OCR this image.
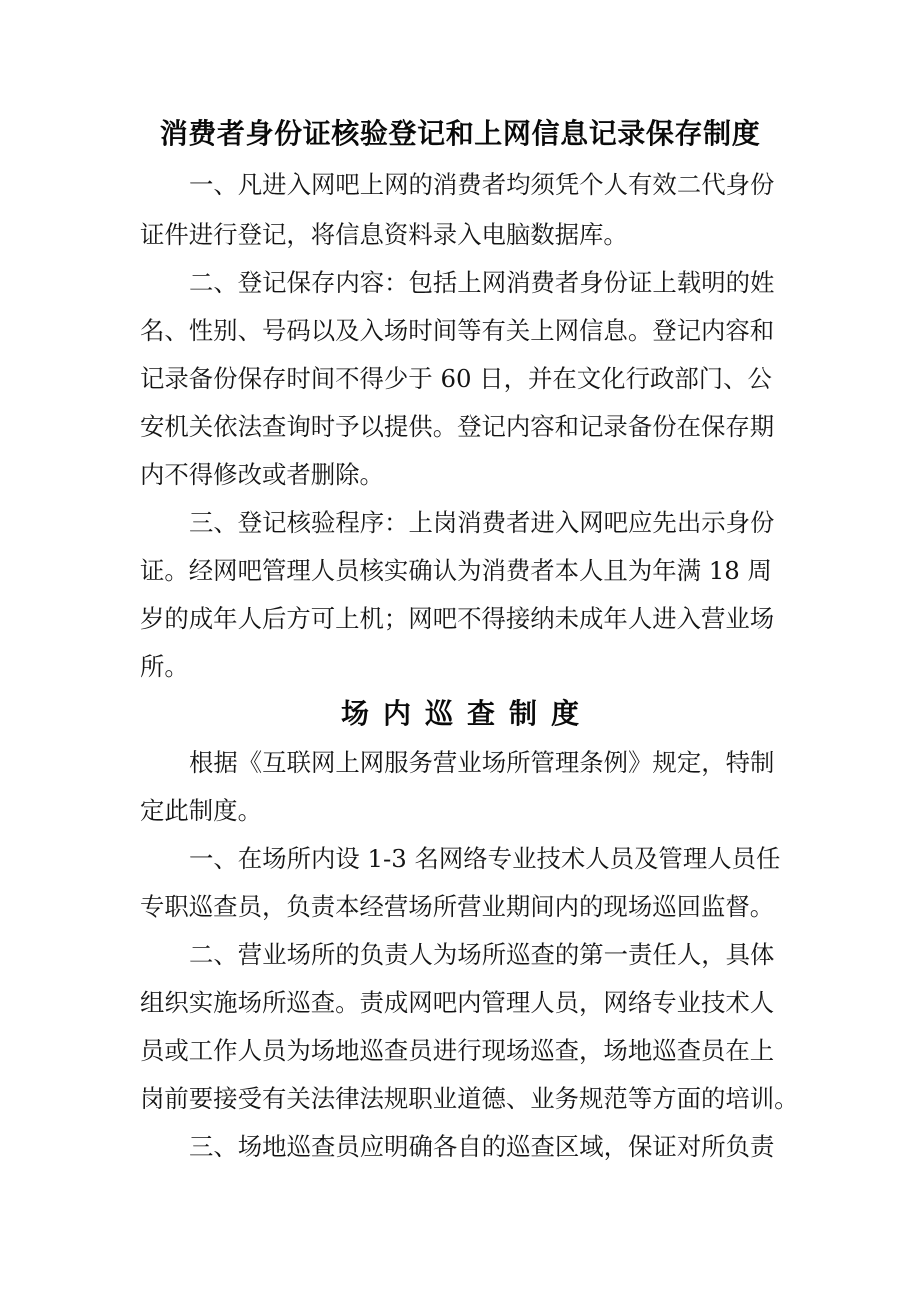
消费者身份证核验登记和上网信息记录保存制度
一、凡进入网吧上网的消费者均须凭个人有效二代身份
证件进行登记，将信息资料录入电脑数据库。
二、登记保存内容：包括上网消费者身份证上载明的姓
名、性别、号码以及入场时间等有关上网信息。登记内容和
记录备份保存时间不得少于 60 日，并在文化行政部门、公
安机关依法查询时予以提供。登记内容和记录备份在保存期
内不得修改或者删除。
三、登记核验程序：上岗消费者进入网吧应先出示身份
证。经网吧管理人员核实确认为消费者本人且为年满 18 周
岁的成年人后方可上机；网吧不得接纳未成年人进入营业场
所。
场内巡查制度
根据《互联网上网服务营业场所管理条例》规定，特制
定此制度。
一、在场所内设 1-3 名网络专业技术人员及管理人员任
专职巡查员，负责本经营场所营业期间内的现场巡回监督。
二、营业场所的负责人为场所巡查的第一责任人，具体
组织实施场所巡查。责成网吧内管理人员，网络专业技术人
员或工作人员为场地巡查员进行现场巡查，场地巡查员在上
岗前要接受有关法律法规职业道德、业务规范等方面的培训。
三、场地巡查员应明确各自的巡查区域，保证对所负责
